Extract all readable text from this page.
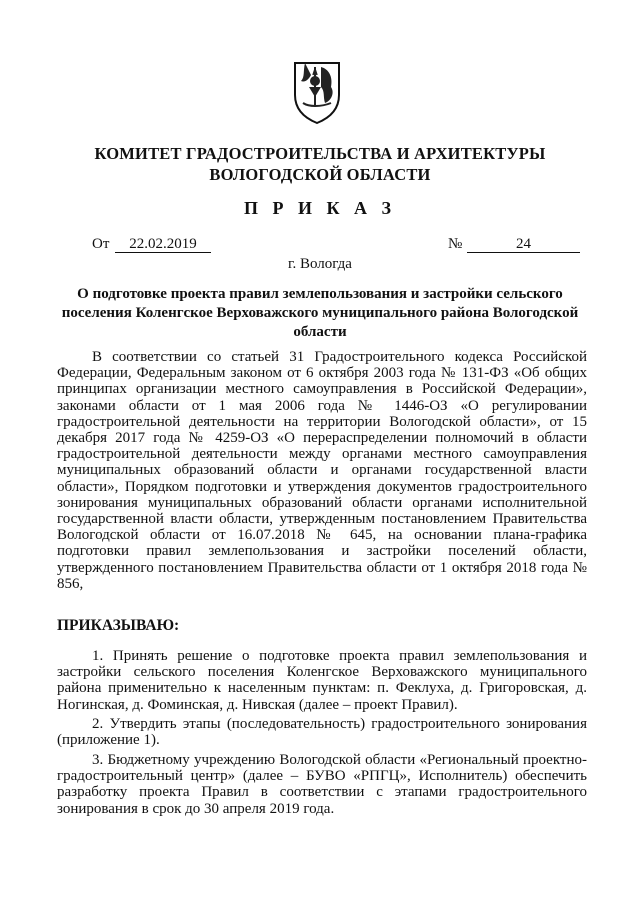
КОМИТЕТ ГРАДОСТРОИТЕЛЬСТВА И АРХИТЕКТУРЫ ВОЛОГОДСКОЙ ОБЛАСТИ
П Р И К А З
От	22.02.2019	№	24
г. Вологда
О подготовке проекта правил землепользования и застройки сельского поселения Коленгское Верховажского муниципального района Вологодской области

В соответствии со статьей 31 Градостроительного кодекса Российской Федерации, Федеральным законом от 6 октября 2003 года № 131-ФЗ «Об общих принципах организации местного самоуправления в Российской Федерации», законами области от 1 мая 2006 года № 1446-ОЗ «О регулировании градостроительной деятельности на территории Вологодской области», от 15 декабря 2017 года № 4259-ОЗ «О перераспределении полномочий в области градостроительной деятельности между органами местного самоуправления муниципальных образований области и органами государственной власти области», Порядком подготовки и утверждения документов градостроительного зонирования муниципальных образований области органами исполнительной государственной власти области, утвержденным постановлением Правительства Вологодской области от 16.07.2018 № 645, на основании плана-графика подготовки правил землепользования и застройки поселений области, утвержденного постановлением Правительства области от 1 октября 2018 года № 856,

ПРИКАЗЫВАЮ:

1. Принять решение о подготовке проекта правил землепользования и застройки сельского поселения Коленгское Верховажского муниципального района применительно к населенным пунктам: п. Феклуха, д. Григоровская, д. Ногинская, д. Фоминская, д. Нивская (далее – проект Правил).

2. Утвердить этапы (последовательность) градостроительного зонирования (приложение 1).

3. Бюджетному учреждению Вологодской области «Региональный проектно-градостроительный центр» (далее – БУВО «РПГЦ», Исполнитель) обеспечить разработку проекта Правил в соответствии с этапами градостроительного зонирования в срок до 30 апреля 2019 года.
